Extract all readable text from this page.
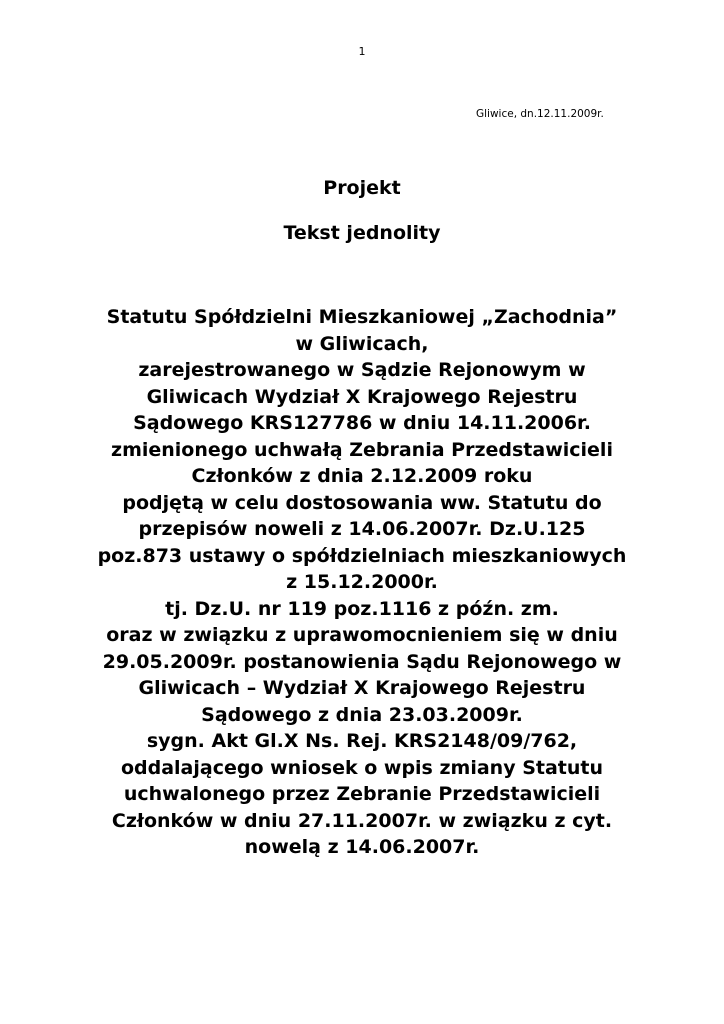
1
Gliwice, dn.12.11.2009r.
Projekt
Tekst jednolity

Statutu Spółdzielni Mieszkaniowej „Zachodnia”
w Gliwicach,
zarejestrowanego w Sądzie Rejonowym w
Gliwicach Wydział X Krajowego Rejestru
Sądowego KRS127786 w dniu 14.11.2006r.
zmienionego uchwałą Zebrania Przedstawicieli
Członków z dnia 2.12.2009 roku
podjętą w celu dostosowania ww. Statutu do
przepisów noweli z 14.06.2007r. Dz.U.125
poz.873 ustawy o spółdzielniach mieszkaniowych
z 15.12.2000r.
tj. Dz.U. nr 119 poz.1116 z późn. zm.
oraz w związku z uprawomocnieniem się w dniu
29.05.2009r. postanowienia Sądu Rejonowego w
Gliwicach – Wydział X Krajowego Rejestru
Sądowego z dnia 23.03.2009r.
sygn. Akt Gl.X Ns. Rej. KRS2148/09/762,
oddalającego wniosek o wpis zmiany Statutu
uchwalonego przez Zebranie Przedstawicieli
Członków w dniu 27.11.2007r. w związku z cyt.
nowelą z 14.06.2007r.
